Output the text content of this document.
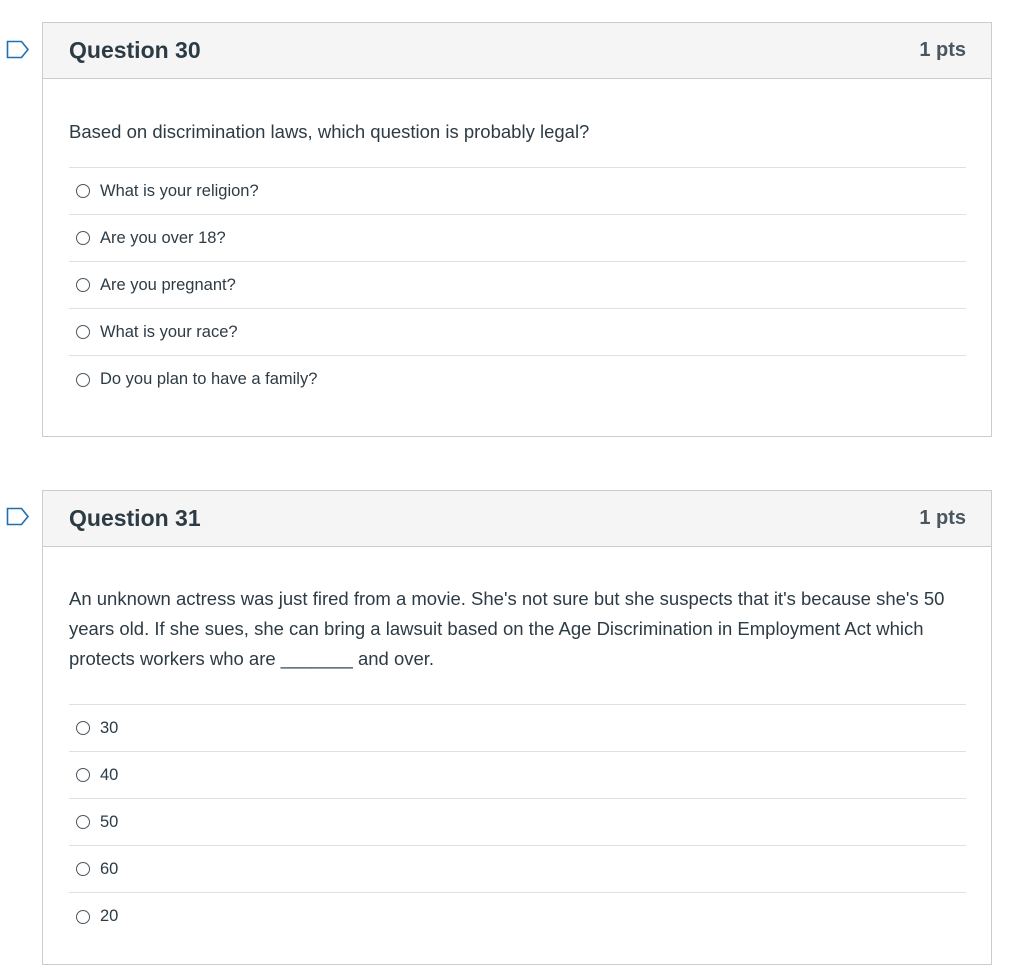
Question 30	1 pts
Based on discrimination laws, which question is probably legal?
What is your religion?
Are you over 18?
Are you pregnant?
What is your race?
Do you plan to have a family?
Question 31	1 pts
An unknown actress was just fired from a movie. She's not sure but she suspects that it's because she's 50 years old. If she sues, she can bring a lawsuit based on the Age Discrimination in Employment Act which protects workers who are _______ and over.
30
40
50
60
20
